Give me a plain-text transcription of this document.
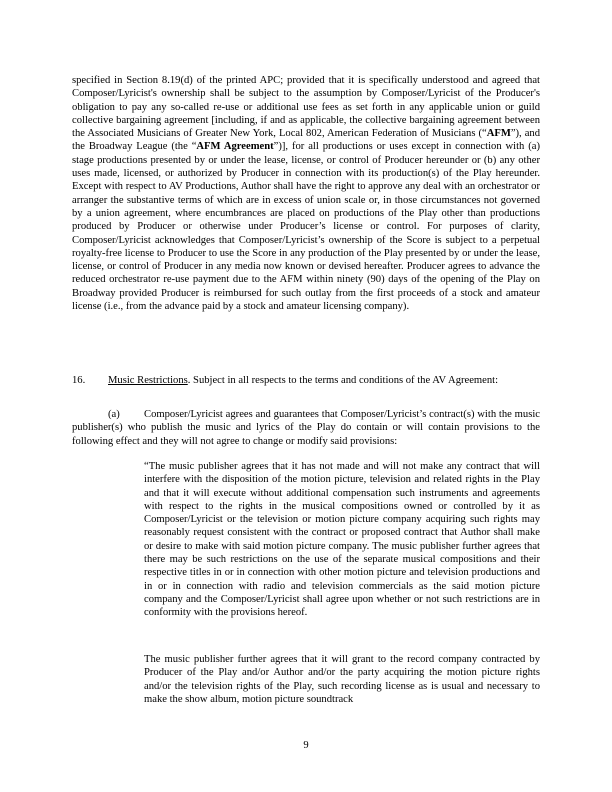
specified in Section 8.19(d) of the printed APC; provided that it is specifically understood and agreed that Composer/Lyricist's ownership shall be subject to the assumption by Composer/Lyricist of the Producer's obligation to pay any so-called re-use or additional use fees as set forth in any applicable union or guild collective bargaining agreement [including, if and as applicable, the collective bargaining agreement between the Associated Musicians of Greater New York, Local 802, American Federation of Musicians (“AFM”), and the Broadway League (the “AFM Agreement”)], for all productions or uses except in connection with (a) stage productions presented by or under the lease, license, or control of Producer hereunder or (b) any other uses made, licensed, or authorized by Producer in connection with its production(s) of the Play hereunder. Except with respect to AV Productions, Author shall have the right to approve any deal with an orchestrator or arranger the substantive terms of which are in excess of union scale or, in those circumstances not governed by a union agreement, where encumbrances are placed on productions of the Play other than productions produced by Producer or otherwise under Producer’s license or control. For purposes of clarity, Composer/Lyricist acknowledges that Composer/Lyricist’s ownership of the Score is subject to a perpetual royalty-free license to Producer to use the Score in any production of the Play presented by or under the lease, license, or control of Producer in any media now known or devised hereafter. Producer agrees to advance the reduced orchestrator re-use payment due to the AFM within ninety (90) days of the opening of the Play on Broadway provided Producer is reimbursed for such outlay from the first proceeds of a stock and amateur license (i.e., from the advance paid by a stock and amateur licensing company).

16. Music Restrictions. Subject in all respects to the terms and conditions of the AV Agreement:

(a) Composer/Lyricist agrees and guarantees that Composer/Lyricist’s contract(s) with the music publisher(s) who publish the music and lyrics of the Play do contain or will contain provisions to the following effect and they will not agree to change or modify said provisions:

“The music publisher agrees that it has not made and will not make any contract that will interfere with the disposition of the motion picture, television and related rights in the Play and that it will execute without additional compensation such instruments and agreements with respect to the rights in the musical compositions owned or controlled by it as Composer/Lyricist or the television or motion picture company acquiring such rights may reasonably request consistent with the contract or proposed contract that Author shall make or desire to make with said motion picture company. The music publisher further agrees that there may be such restrictions on the use of the separate musical compositions and their respective titles in or in connection with other motion picture and television productions and in or in connection with radio and television commercials as the said motion picture company and the Composer/Lyricist shall agree upon whether or not such restrictions are in conformity with the provisions hereof.

The music publisher further agrees that it will grant to the record company contracted by Producer of the Play and/or Author and/or the party acquiring the motion picture rights and/or the television rights of the Play, such recording license as is usual and necessary to make the show album, motion picture soundtrack

9
